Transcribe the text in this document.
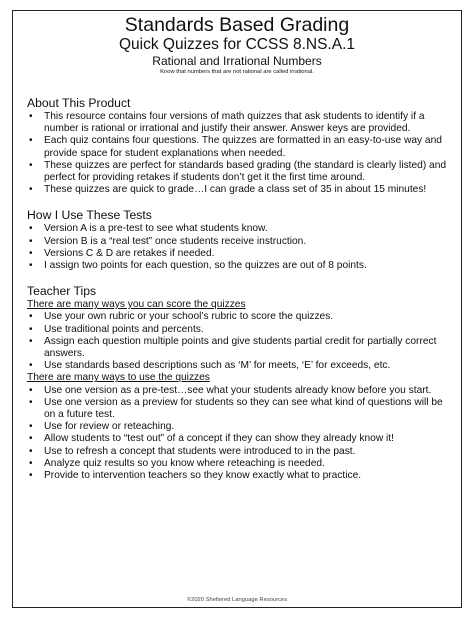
Standards Based Grading
Quick Quizzes for CCSS 8.NS.A.1
Rational and Irrational Numbers
Know that numbers that are not rational are called irrational.
About This Product
• This resource contains four versions of math quizzes that ask students to identify if a number is rational or irrational and justify their answer. Answer keys are provided.
• Each quiz contains four questions. The quizzes are formatted in an easy-to-use way and provide space for student explanations when needed.
• These quizzes are perfect for standards based grading (the standard is clearly listed) and perfect for providing retakes if students don’t get it the first time around.
• These quizzes are quick to grade…I can grade a class set of 35 in about 15 minutes!
How I Use These Tests
• Version A is a pre-test to see what students know.
• Version B is a “real test” once students receive instruction.
• Versions C & D are retakes if needed.
• I assign two points for each question, so the quizzes are out of 8 points.
Teacher Tips
There are many ways you can score the quizzes
• Use your own rubric or your school’s rubric to score the quizzes.
• Use traditional points and percents.
• Assign each question multiple points and give students partial credit for partially correct answers.
• Use standards based descriptions such as ‘M’ for meets, ‘E’ for exceeds, etc.
There are many ways to use the quizzes
• Use one version as a pre-test…see what your students already know before you start.
• Use one version as a preview for students so they can see what kind of questions will be on a future test.
• Use for review or reteaching.
• Allow students to “test out” of a concept if they can show they already know it!
• Use to refresh a concept that students were introduced to in the past.
• Analyze quiz results so you know where reteaching is needed.
• Provide to intervention teachers so they know exactly what to practice.
©2020 Sheltered Language Resources
